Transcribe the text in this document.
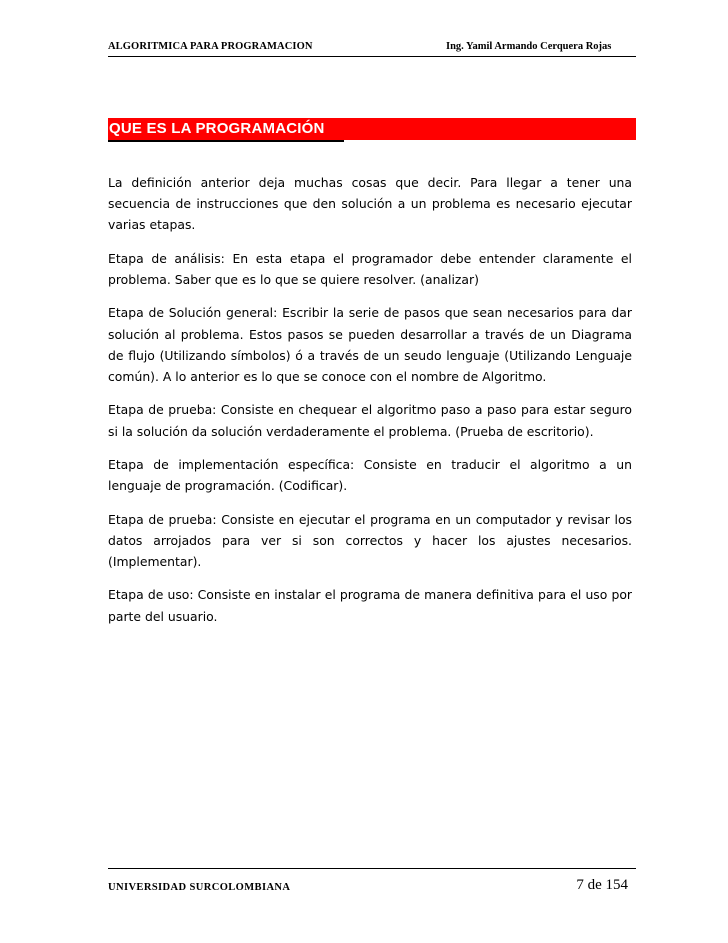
ALGORITMICA PARA PROGRAMACION	Ing. Yamil Armando Cerquera Rojas
QUE ES LA PROGRAMACIÓN

La definición anterior deja muchas cosas que decir. Para llegar a tener una secuencia de instrucciones que den solución a un problema es necesario ejecutar varias etapas.

Etapa de análisis: En esta etapa el programador debe entender claramente el problema. Saber que es lo que se quiere resolver. (analizar)

Etapa de Solución general: Escribir la serie de pasos que sean necesarios para dar solución al problema. Estos pasos se pueden desarrollar a través de un Diagrama de flujo (Utilizando símbolos) ó a través de un seudo lenguaje (Utilizando Lenguaje común). A lo anterior es lo que se conoce con el nombre de Algoritmo.

Etapa de prueba: Consiste en chequear el algoritmo paso a paso para estar seguro si la solución da solución verdaderamente el problema. (Prueba de escritorio).

Etapa de implementación específica: Consiste en traducir el algoritmo a un lenguaje de programación. (Codificar).

Etapa de prueba: Consiste en ejecutar el programa en un computador y revisar los datos arrojados para ver si son correctos y hacer los ajustes necesarios. (Implementar).

Etapa de uso: Consiste en instalar el programa de manera definitiva para el uso por parte del usuario.

UNIVERSIDAD SURCOLOMBIANA	7 de 154
